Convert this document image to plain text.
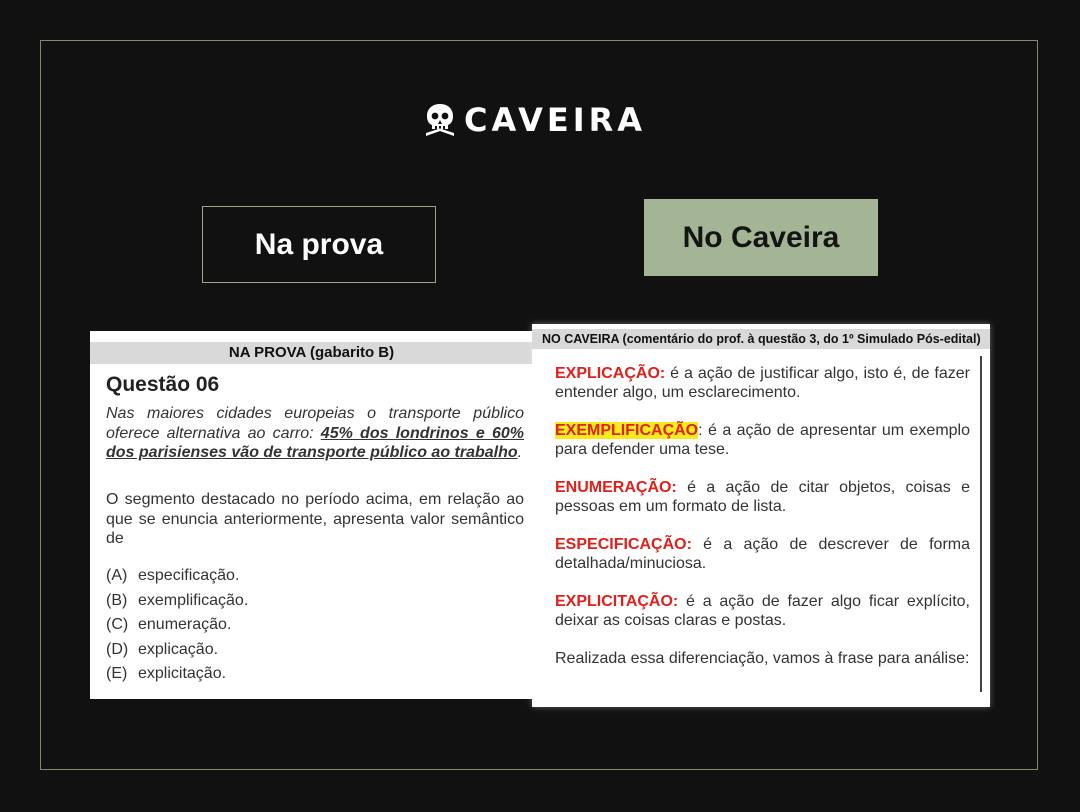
CAVEIRA
Na prova	No Caveira
NA PROVA (gabarito B)
Questão 06
Nas maiores cidades europeias o transporte público oferece alternativa ao carro: 45% dos londrinos e 60% dos parisienses vão de transporte público ao trabalho.
O segmento destacado no período acima, em relação ao que se enuncia anteriormente, apresenta valor semântico de
(A) especificação.
(B) exemplificação.
(C) enumeração.
(D) explicação.
(E) explicitação.
NO CAVEIRA (comentário do prof. à questão 3, do 1º Simulado Pós-edital)
EXPLICAÇÃO: é a ação de justificar algo, isto é, de fazer entender algo, um esclarecimento.
EXEMPLIFICAÇÃO: é a ação de apresentar um exemplo para defender uma tese.
ENUMERAÇÃO: é a ação de citar objetos, coisas e pessoas em um formato de lista.
ESPECIFICAÇÃO: é a ação de descrever de forma detalhada/minuciosa.
EXPLICITAÇÃO: é a ação de fazer algo ficar explícito, deixar as coisas claras e postas.
Realizada essa diferenciação, vamos à frase para análise:
